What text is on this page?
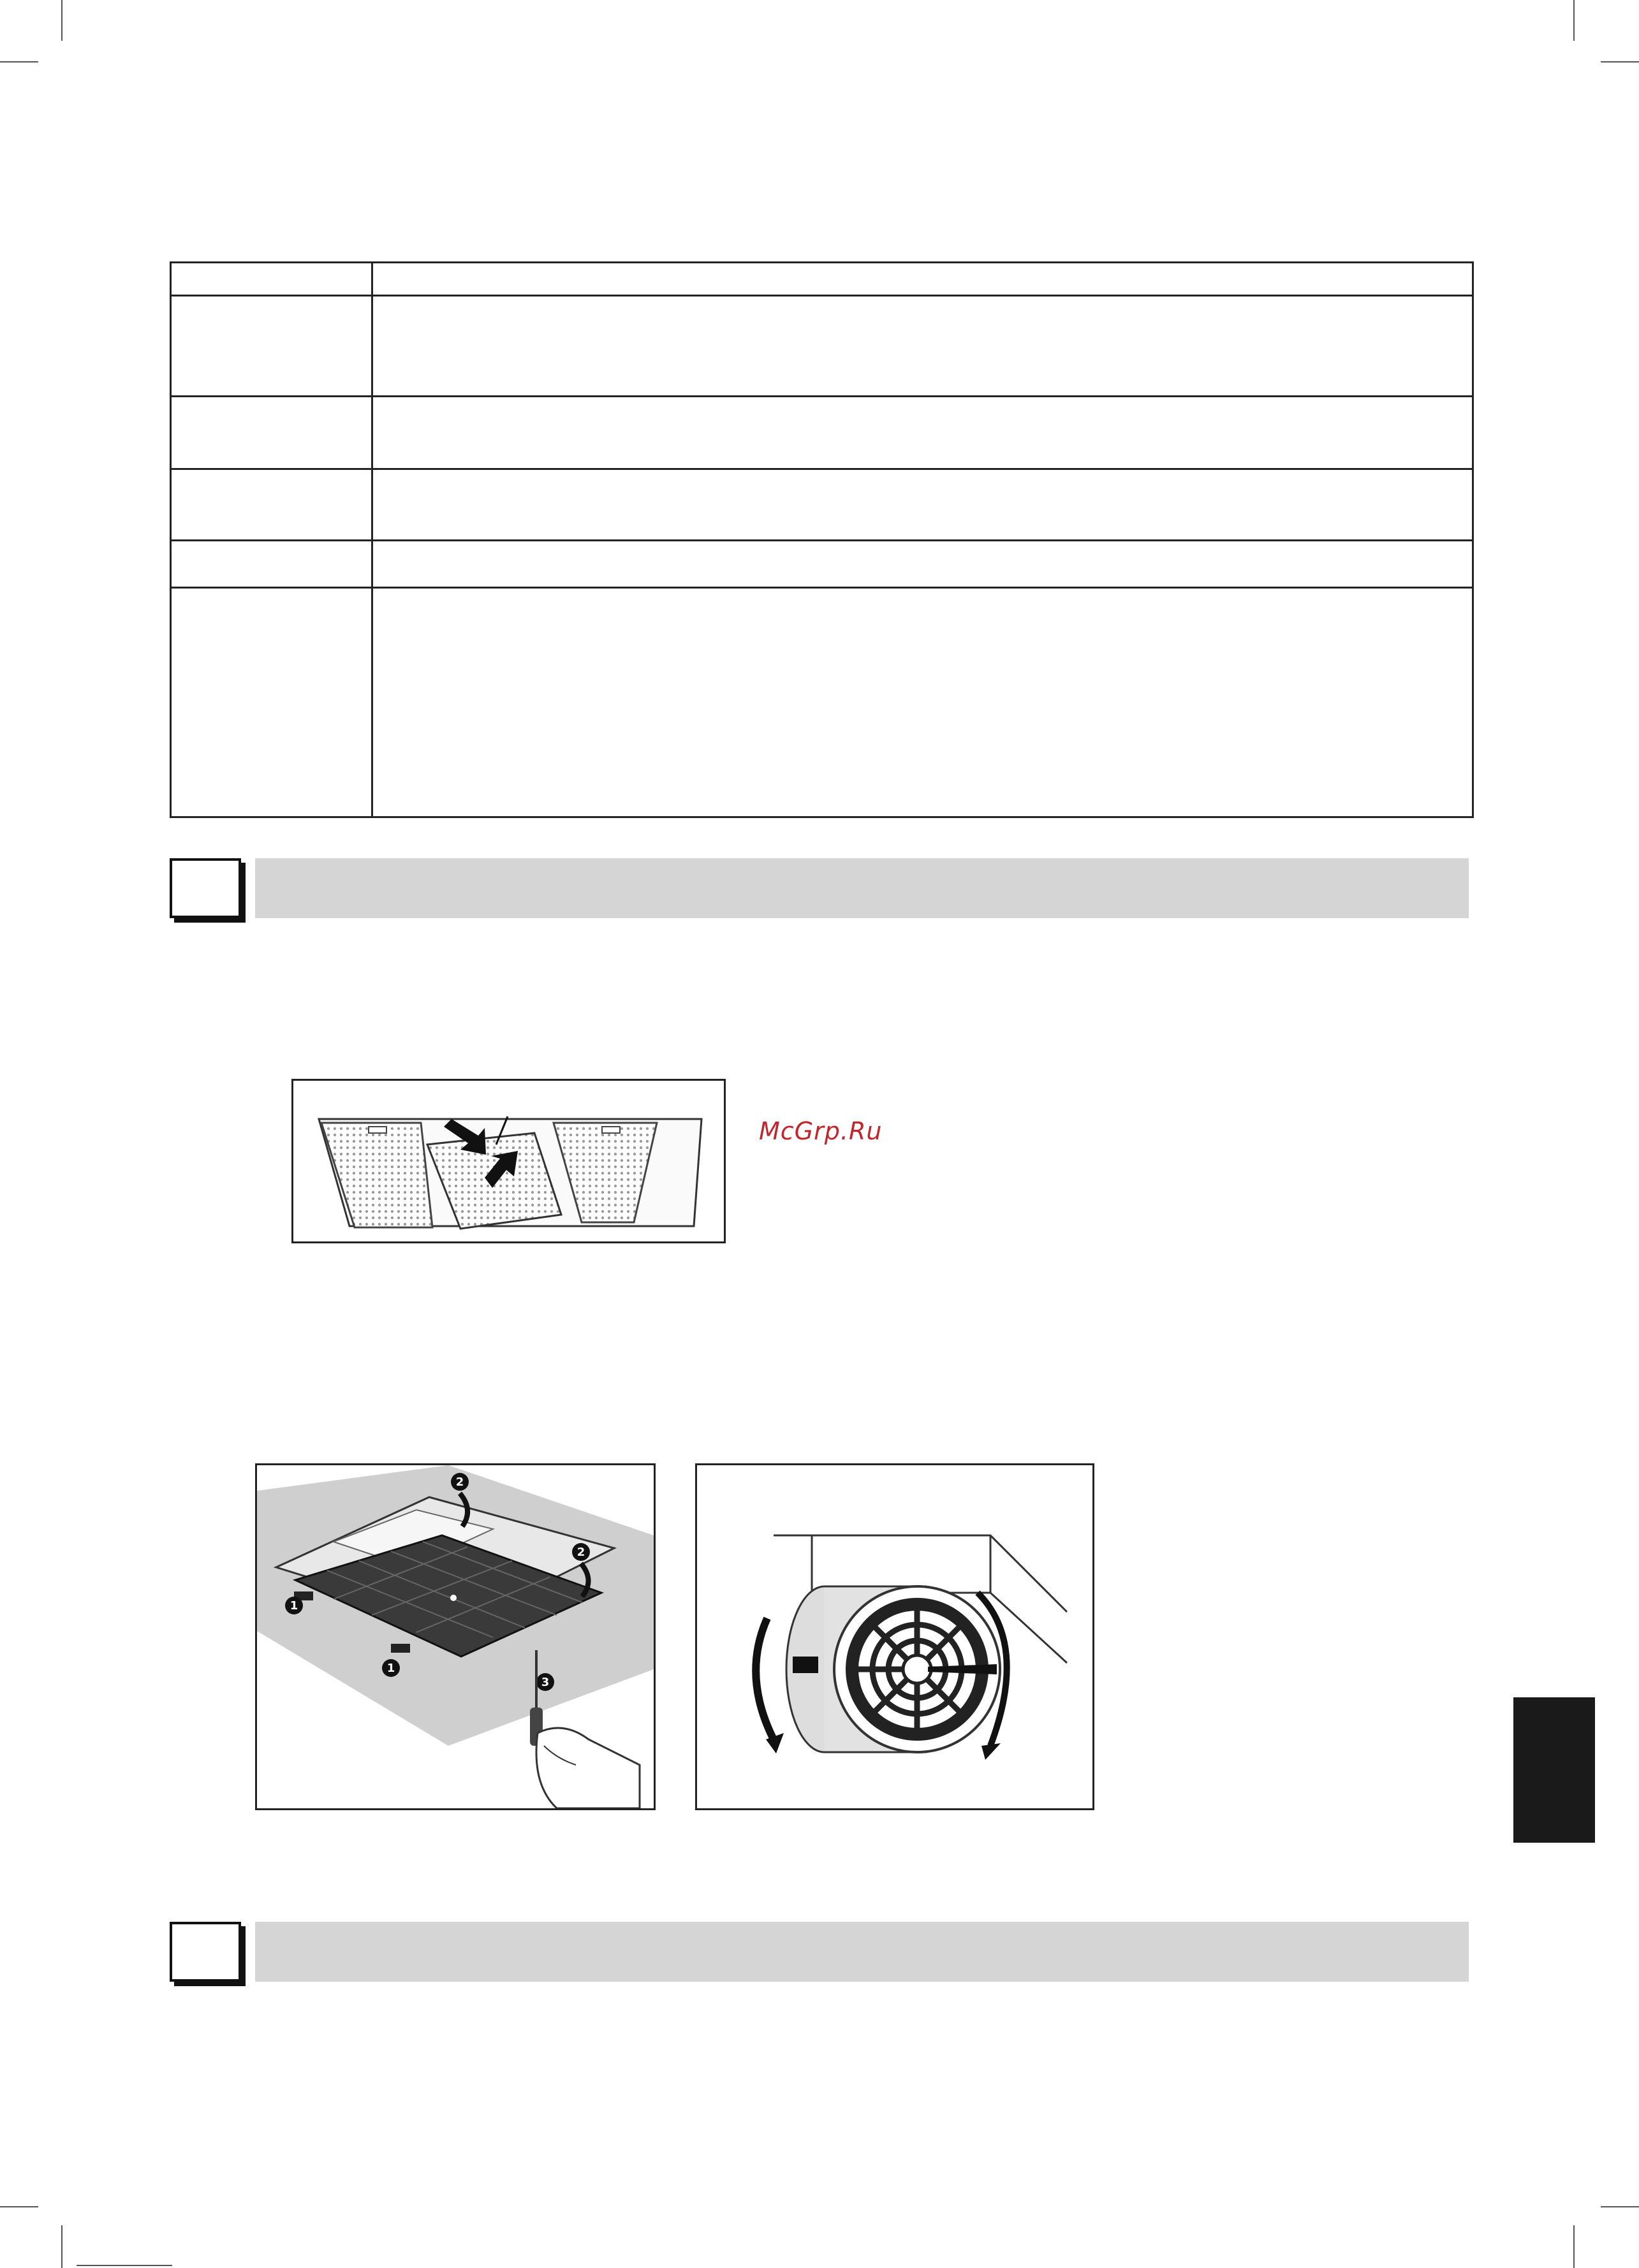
McGrp.Ru
1
2
2
1
3
